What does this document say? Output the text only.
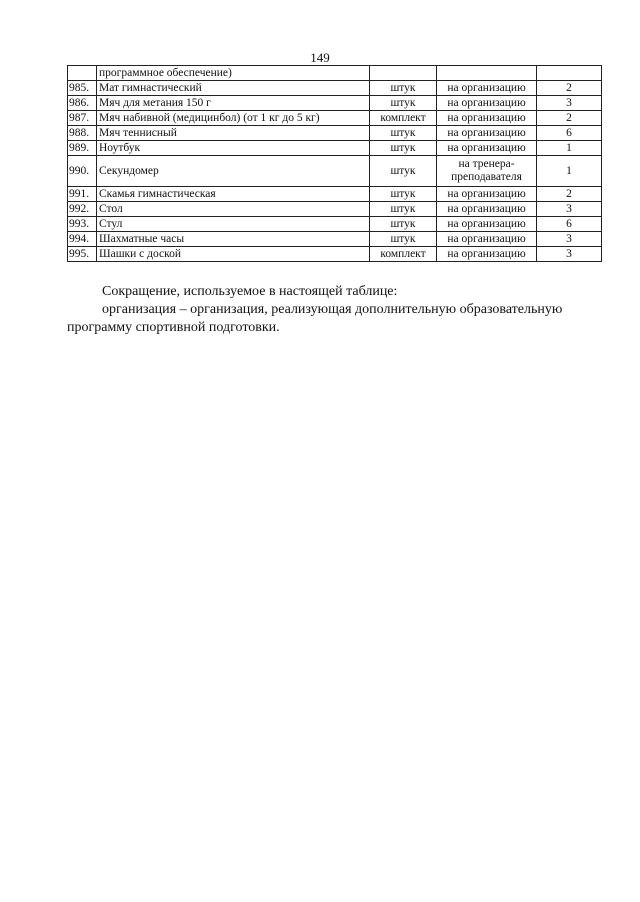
149
	программное обеспечение)			
985.	Мат гимнастический	штук	на организацию	2
986.	Мяч для метания 150 г	штук	на организацию	3
987.	Мяч набивной (медицинбол) (от 1 кг до 5 кг)	комплект	на организацию	2
988.	Мяч теннисный	штук	на организацию	6
989.	Ноутбук	штук	на организацию	1
990.	Секундомер	штук	на тренера-преподавателя	1
991.	Скамья гимнастическая	штук	на организацию	2
992.	Стол	штук	на организацию	3
993.	Стул	штук	на организацию	6
994.	Шахматные часы	штук	на организацию	3
995.	Шашки с доской	комплект	на организацию	3

Сокращение, используемое в настоящей таблице:

организация – организация, реализующая дополнительную образовательную программу спортивной подготовки.
